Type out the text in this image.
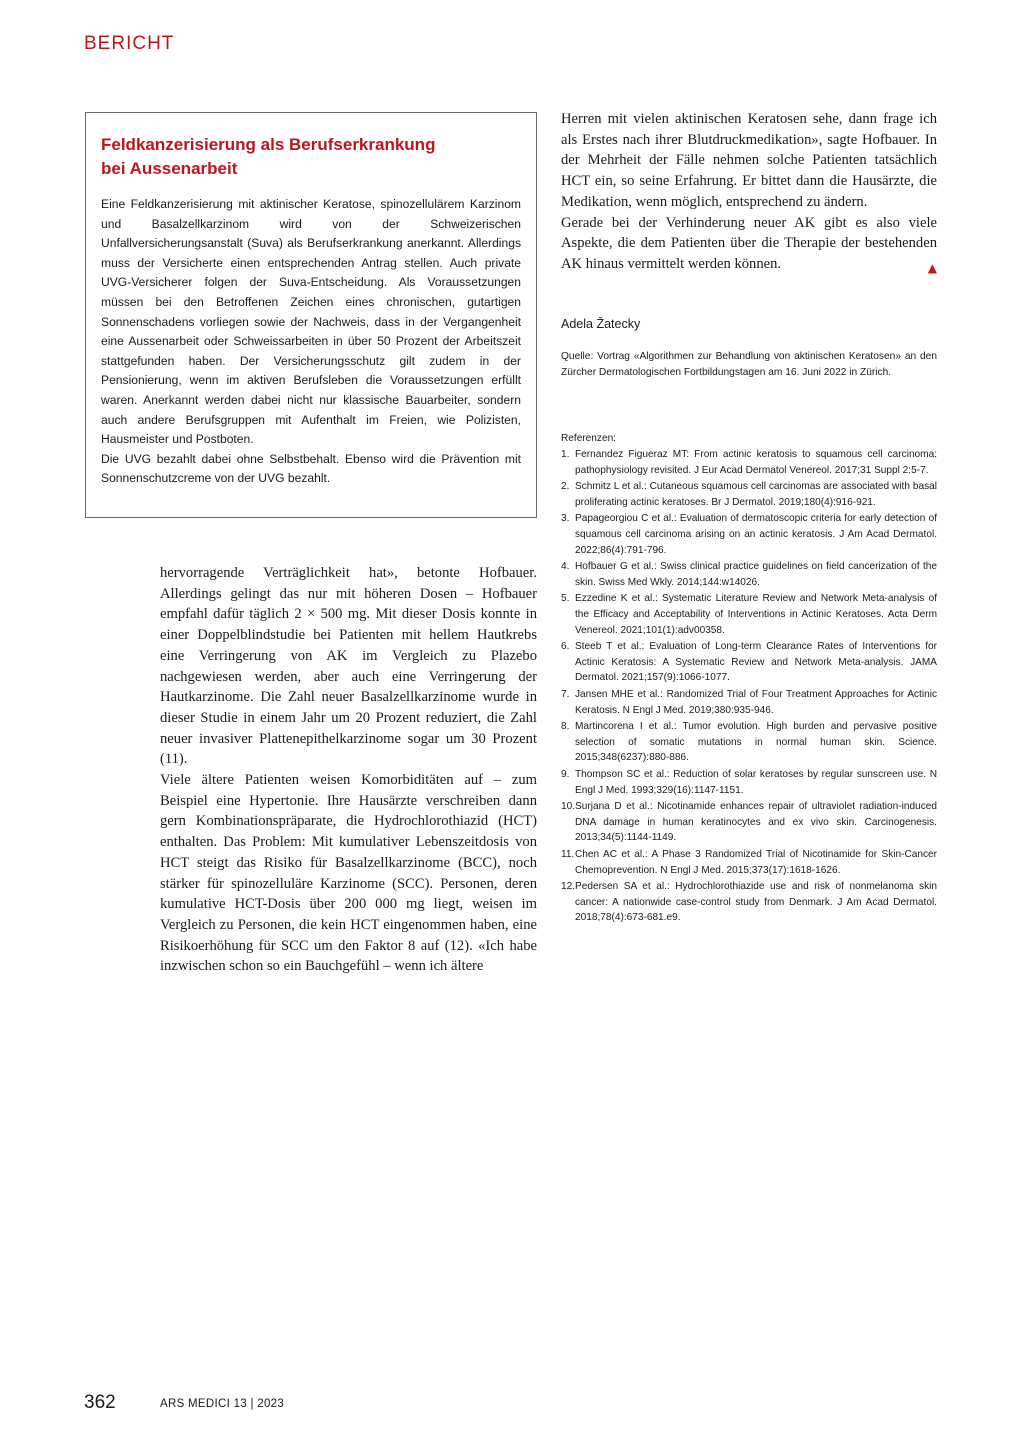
BERICHT
Feldkanzerisierung als Berufserkrankung
bei Aussenarbeit

Eine Feldkanzerisierung mit aktinischer Keratose, spinozellulärem Karzinom und Basalzellkarzinom wird von der Schweizerischen Unfallversicherungsanstalt (Suva) als Berufserkrankung anerkannt. Allerdings muss der Versicherte einen entsprechenden Antrag stellen. Auch private UVG-Versicherer folgen der Suva-Entscheidung. Als Voraussetzungen müssen bei den Betroffenen Zeichen eines chronischen, gutartigen Sonnenschadens vorliegen sowie der Nachweis, dass in der Vergangenheit eine Aussenarbeit oder Schweissarbeiten in über 50 Prozent der Arbeitszeit stattgefunden haben. Der Versicherungsschutz gilt zudem in der Pensionierung, wenn im aktiven Berufsleben die Voraussetzungen erfüllt waren. Anerkannt werden dabei nicht nur klassische Bauarbeiter, sondern auch andere Berufsgruppen mit Aufenthalt im Freien, wie Polizisten, Hausmeister und Postboten.

Die UVG bezahlt dabei ohne Selbstbehalt. Ebenso wird die Prävention mit Sonnenschutzcreme von der UVG bezahlt.

hervorragende Verträglichkeit hat», betonte Hofbauer. Allerdings gelingt das nur mit höheren Dosen – Hofbauer empfahl dafür täglich 2 × 500 mg. Mit dieser Dosis konnte in einer Doppelblindstudie bei Patienten mit hellem Hautkrebs eine Verringerung von AK im Vergleich zu Plazebo nachgewiesen werden, aber auch eine Verringerung der Hautkarzinome. Die Zahl neuer Basalzellkarzinome wurde in dieser Studie in einem Jahr um 20 Prozent reduziert, die Zahl neuer invasiver Plattenepithelkarzinome sogar um 30 Prozent (11).

Viele ältere Patienten weisen Komorbiditäten auf – zum Beispiel eine Hypertonie. Ihre Hausärzte verschreiben dann gern Kombinationspräparate, die Hydrochlorothiazid (HCT) enthalten. Das Problem: Mit kumulativer Lebenszeitdosis von HCT steigt das Risiko für Basalzellkarzinome (BCC), noch stärker für spinozelluläre Karzinome (SCC). Personen, deren kumulative HCT-Dosis über 200 000 mg liegt, weisen im Vergleich zu Personen, die kein HCT eingenommen haben, eine Risikoerhöhung für SCC um den Faktor 8 auf (12). «Ich habe inzwischen schon so ein Bauchgefühl – wenn ich ältere

Herren mit vielen aktinischen Keratosen sehe, dann frage ich als Erstes nach ihrer Blutdruckmedikation», sagte Hofbauer. In der Mehrheit der Fälle nehmen solche Patienten tatsächlich HCT ein, so seine Erfahrung. Er bittet dann die Hausärzte, die Medikation, wenn möglich, entsprechend zu ändern.

Gerade bei der Verhinderung neuer AK gibt es also viele Aspekte, die dem Patienten über die Therapie der bestehenden AK hinaus vermittelt werden können.	▲

Adela Žatecky
Quelle: Vortrag «Algorithmen zur Behandlung von aktinischen Keratosen» an den Zürcher Dermatologischen Fortbildungstagen am 16. Juni 2022 in Zürich.
Referenzen:
1. Fernandez Figueraz MT: From actinic keratosis to squamous cell carcinoma: pathophysiology revisited. J Eur Acad Dermatol Venereol. 2017;31 Suppl 2:5-7.
2. Schmitz L et al.: Cutaneous squamous cell carcinomas are associated with basal proliferating actinic keratoses. Br J Dermatol. 2019;180(4):916-921.
3. Papageorgiou C et al.: Evaluation of dermatoscopic criteria for early detection of squamous cell carcinoma arising on an actinic keratosis. J Am Acad Dermatol. 2022;86(4):791-796.
4. Hofbauer G et al.: Swiss clinical practice guidelines on field cancerization of the skin. Swiss Med Wkly. 2014;144:w14026.
5. Ezzedine K et al.: Systematic Literature Review and Network Meta-analysis of the Efficacy and Acceptability of Interventions in Actinic Keratoses. Acta Derm Venereol. 2021;101(1):adv00358.
6. Steeb T et al.: Evaluation of Long-term Clearance Rates of Interventions for Actinic Keratosis: A Systematic Review and Network Meta-analysis. JAMA Dermatol. 2021;157(9):1066-1077.
7. Jansen MHE et al.: Randomized Trial of Four Treatment Approaches for Actinic Keratosis. N Engl J Med. 2019;380:935-946.
8. Martincorena I et al.: Tumor evolution. High burden and pervasive positive selection of somatic mutations in normal human skin. Science. 2015;348(6237):880-886.
9. Thompson SC et al.: Reduction of solar keratoses by regular sunscreen use. N Engl J Med. 1993;329(16):1147-1151.
10. Surjana D et al.: Nicotinamide enhances repair of ultraviolet radiation-induced DNA damage in human keratinocytes and ex vivo skin. Carcinogenesis. 2013;34(5):1144-1149.
11. Chen AC et al.: A Phase 3 Randomized Trial of Nicotinamide for Skin-Cancer Chemoprevention. N Engl J Med. 2015;373(17):1618-1626.
12. Pedersen SA et al.: Hydrochlorothiazide use and risk of nonmelanoma skin cancer: A nationwide case-control study from Denmark. J Am Acad Dermatol. 2018;78(4):673-681.e9.
362	ARS MEDICI 13 | 2023
